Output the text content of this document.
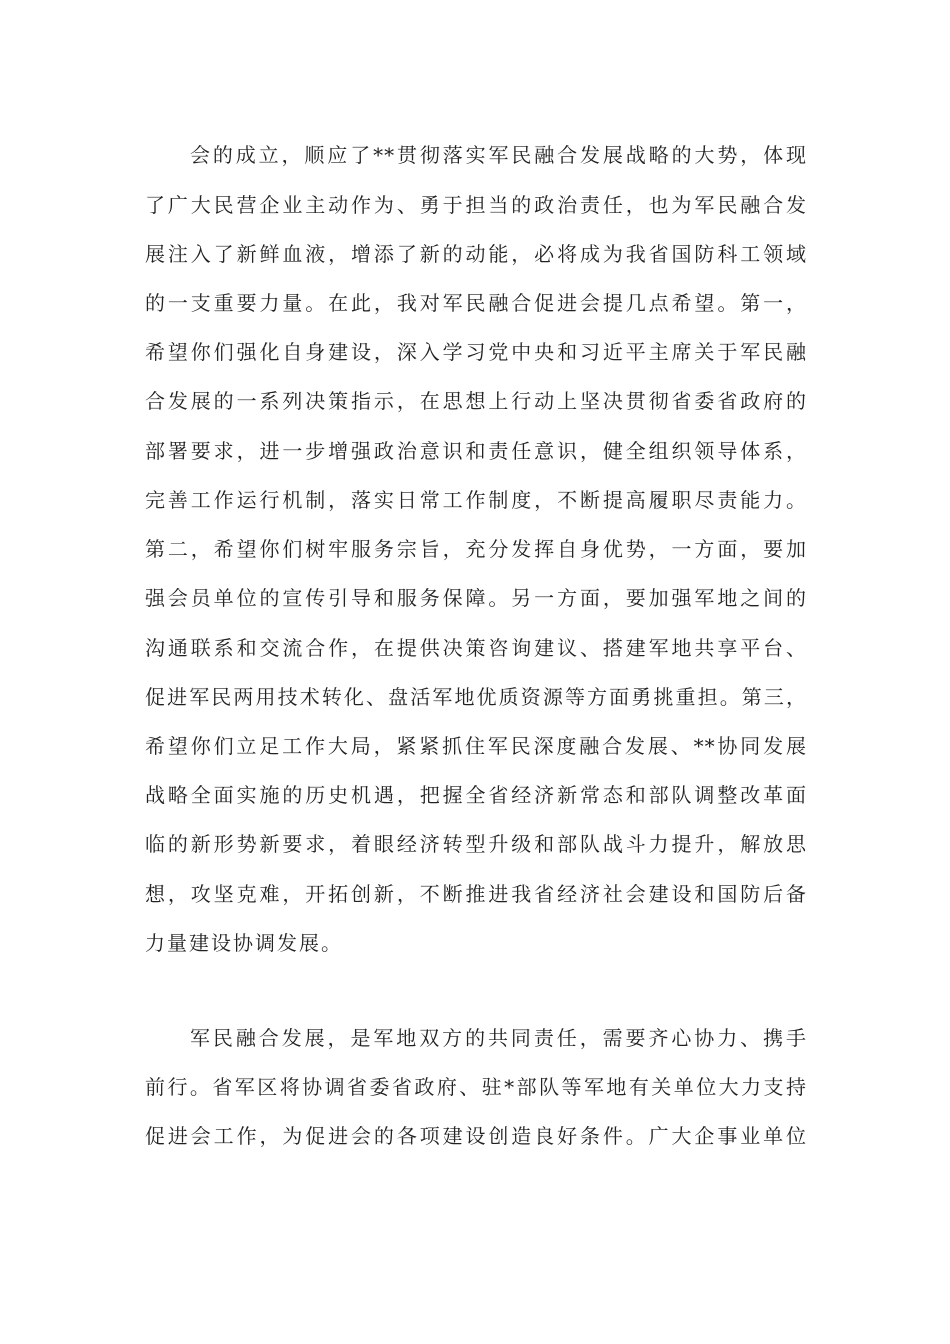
会的成立，顺应了**贯彻落实军民融合发展战略的大势，体现
了广大民营企业主动作为、勇于担当的政治责任，也为军民融合发
展注入了新鲜血液，增添了新的动能，必将成为我省国防科工领域
的一支重要力量。在此，我对军民融合促进会提几点希望。第一，
希望你们强化自身建设，深入学习党中央和习近平主席关于军民融
合发展的一系列决策指示，在思想上行动上坚决贯彻省委省政府的
部署要求，进一步增强政治意识和责任意识，健全组织领导体系，
完善工作运行机制，落实日常工作制度，不断提高履职尽责能力。
第二，希望你们树牢服务宗旨，充分发挥自身优势，一方面，要加
强会员单位的宣传引导和服务保障。另一方面，要加强军地之间的
沟通联系和交流合作，在提供决策咨询建议、搭建军地共享平台、
促进军民两用技术转化、盘活军地优质资源等方面勇挑重担。第三，
希望你们立足工作大局，紧紧抓住军民深度融合发展、**协同发展
战略全面实施的历史机遇，把握全省经济新常态和部队调整改革面
临的新形势新要求，着眼经济转型升级和部队战斗力提升，解放思
想，攻坚克难，开拓创新，不断推进我省经济社会建设和国防后备
力量建设协调发展。
军民融合发展，是军地双方的共同责任，需要齐心协力、携手
前行。省军区将协调省委省政府、驻*部队等军地有关单位大力支持
促进会工作，为促进会的各项建设创造良好条件。广大企事业单位
